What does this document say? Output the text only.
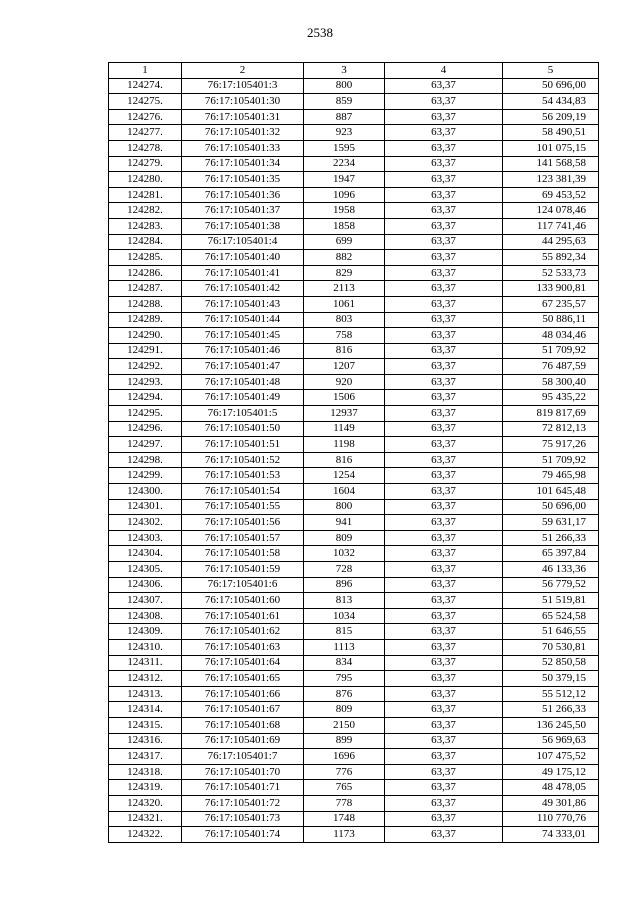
2538
1	2	3	4	5
124274.	76:17:105401:3	800	63,37	50 696,00
124275.	76:17:105401:30	859	63,37	54 434,83
124276.	76:17:105401:31	887	63,37	56 209,19
124277.	76:17:105401:32	923	63,37	58 490,51
124278.	76:17:105401:33	1595	63,37	101 075,15
124279.	76:17:105401:34	2234	63,37	141 568,58
124280.	76:17:105401:35	1947	63,37	123 381,39
124281.	76:17:105401:36	1096	63,37	69 453,52
124282.	76:17:105401:37	1958	63,37	124 078,46
124283.	76:17:105401:38	1858	63,37	117 741,46
124284.	76:17:105401:4	699	63,37	44 295,63
124285.	76:17:105401:40	882	63,37	55 892,34
124286.	76:17:105401:41	829	63,37	52 533,73
124287.	76:17:105401:42	2113	63,37	133 900,81
124288.	76:17:105401:43	1061	63,37	67 235,57
124289.	76:17:105401:44	803	63,37	50 886,11
124290.	76:17:105401:45	758	63,37	48 034,46
124291.	76:17:105401:46	816	63,37	51 709,92
124292.	76:17:105401:47	1207	63,37	76 487,59
124293.	76:17:105401:48	920	63,37	58 300,40
124294.	76:17:105401:49	1506	63,37	95 435,22
124295.	76:17:105401:5	12937	63,37	819 817,69
124296.	76:17:105401:50	1149	63,37	72 812,13
124297.	76:17:105401:51	1198	63,37	75 917,26
124298.	76:17:105401:52	816	63,37	51 709,92
124299.	76:17:105401:53	1254	63,37	79 465,98
124300.	76:17:105401:54	1604	63,37	101 645,48
124301.	76:17:105401:55	800	63,37	50 696,00
124302.	76:17:105401:56	941	63,37	59 631,17
124303.	76:17:105401:57	809	63,37	51 266,33
124304.	76:17:105401:58	1032	63,37	65 397,84
124305.	76:17:105401:59	728	63,37	46 133,36
124306.	76:17:105401:6	896	63,37	56 779,52
124307.	76:17:105401:60	813	63,37	51 519,81
124308.	76:17:105401:61	1034	63,37	65 524,58
124309.	76:17:105401:62	815	63,37	51 646,55
124310.	76:17:105401:63	1113	63,37	70 530,81
124311.	76:17:105401:64	834	63,37	52 850,58
124312.	76:17:105401:65	795	63,37	50 379,15
124313.	76:17:105401:66	876	63,37	55 512,12
124314.	76:17:105401:67	809	63,37	51 266,33
124315.	76:17:105401:68	2150	63,37	136 245,50
124316.	76:17:105401:69	899	63,37	56 969,63
124317.	76:17:105401:7	1696	63,37	107 475,52
124318.	76:17:105401:70	776	63,37	49 175,12
124319.	76:17:105401:71	765	63,37	48 478,05
124320.	76:17:105401:72	778	63,37	49 301,86
124321.	76:17:105401:73	1748	63,37	110 770,76
124322.	76:17:105401:74	1173	63,37	74 333,01
